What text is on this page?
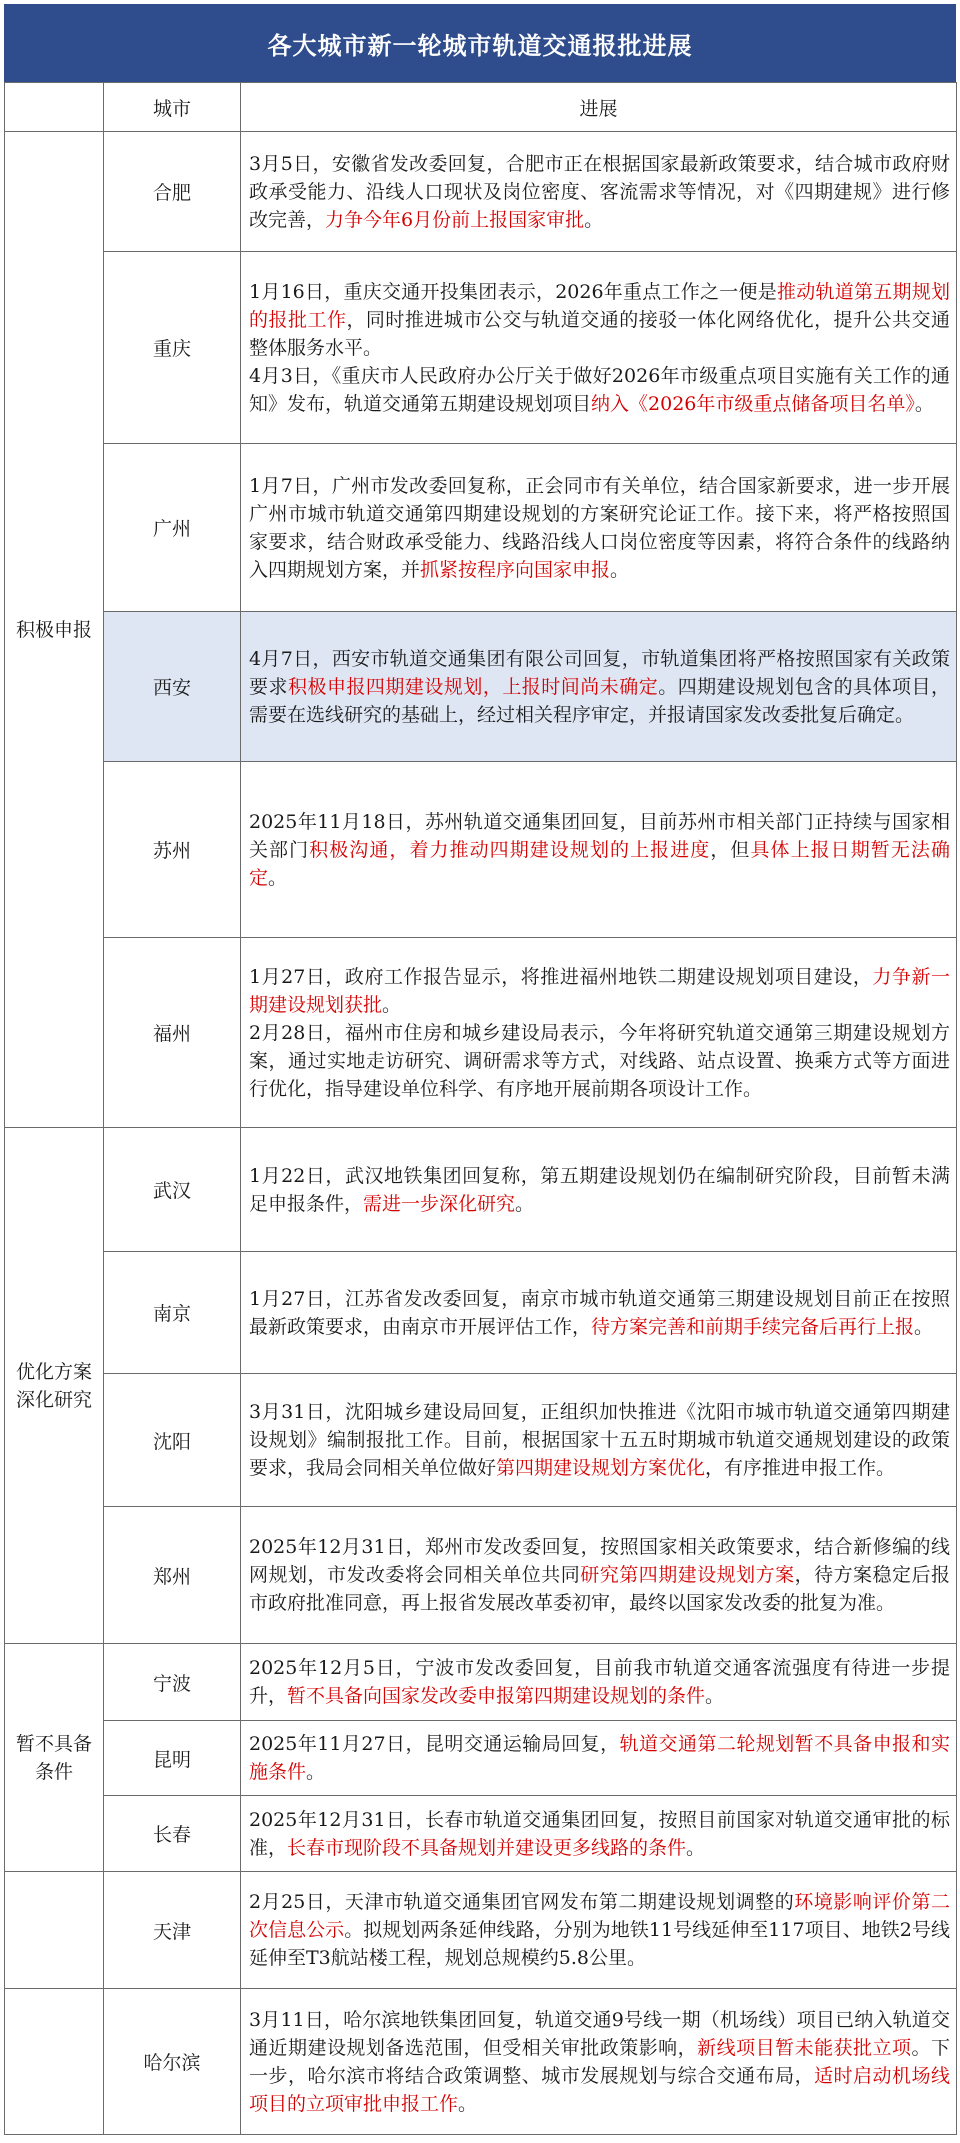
各大城市新一轮城市轨道交通报批进展
	城市	进展
积极申报	合肥	3月5日，安徽省发改委回复，合肥市正在根据国家最新政策要求，结合城市政府财政承受能力、沿线人口现状及岗位密度、客流需求等情况，对《四期建规》进行修改完善，力争今年6月份前上报国家审批。

	重庆	1月16日，重庆交通开投集团表示，2026年重点工作之一便是推动轨道第五期规划的报批工作，同时推进城市公交与轨道交通的接驳一体化网络优化，提升公共交通整体服务水平。
4月3日，《重庆市人民政府办公厅关于做好2026年市级重点项目实施有关工作的通知》发布，轨道交通第五期建设规划项目纳入《2026年市级重点储备项目名单》。

	广州	1月7日，广州市发改委回复称，正会同市有关单位，结合国家新要求，进一步开展广州市城市轨道交通第四期建设规划的方案研究论证工作。接下来，将严格按照国家要求，结合财政承受能力、线路沿线人口岗位密度等因素，将符合条件的线路纳入四期规划方案，并抓紧按程序向国家申报。

	西安	4月7日，西安市轨道交通集团有限公司回复，市轨道集团将严格按照国家有关政策要求积极申报四期建设规划，上报时间尚未确定。四期建设规划包含的具体项目，需要在选线研究的基础上，经过相关程序审定，并报请国家发改委批复后确定。

	苏州	2025年11月18日，苏州轨道交通集团回复，目前苏州市相关部门正持续与国家相关部门积极沟通，着力推动四期建设规划的上报进度，但具体上报日期暂无法确定。

	福州	1月27日，政府工作报告显示，将推进福州地铁二期建设规划项目建设，力争新一期建设规划获批。
2月28日，福州市住房和城乡建设局表示，今年将研究轨道交通第三期建设规划方案，通过实地走访研究、调研需求等方式，对线路、站点设置、换乘方式等方面进行优化，指导建设单位科学、有序地开展前期各项设计工作。

优化方案深化研究	武汉	1月22日，武汉地铁集团回复称，第五期建设规划仍在编制研究阶段，目前暂未满足申报条件，需进一步深化研究。

	南京	1月27日，江苏省发改委回复，南京市城市轨道交通第三期建设规划目前正在按照最新政策要求，由南京市开展评估工作，待方案完善和前期手续完备后再行上报。

	沈阳	3月31日，沈阳城乡建设局回复，正组织加快推进《沈阳市城市轨道交通第四期建设规划》编制报批工作。目前，根据国家十五五时期城市轨道交通规划建设的政策要求，我局会同相关单位做好第四期建设规划方案优化，有序推进申报工作。

	郑州	2025年12月31日，郑州市发改委回复，按照国家相关政策要求，结合新修编的线网规划，市发改委将会同相关单位共同研究第四期建设规划方案，待方案稳定后报市政府批准同意，再上报省发展改革委初审，最终以国家发改委的批复为准。

暂不具备条件	宁波	2025年12月5日，宁波市发改委回复，目前我市轨道交通客流强度有待进一步提升，暂不具备向国家发改委申报第四期建设规划的条件。

	昆明	2025年11月27日，昆明交通运输局回复，轨道交通第二轮规划暂不具备申报和实施条件。

	长春	2025年12月31日，长春市轨道交通集团回复，按照目前国家对轨道交通审批的标准，长春市现阶段不具备规划并建设更多线路的条件。

	天津	2月25日，天津市轨道交通集团官网发布第二期建设规划调整的环境影响评价第二次信息公示。拟规划两条延伸线路，分别为地铁11号线延伸至117项目、地铁2号线延伸至T3航站楼工程，规划总规模约5.8公里。

	哈尔滨	3月11日，哈尔滨地铁集团回复，轨道交通9号线一期（机场线）项目已纳入轨道交通近期建设规划备选范围，但受相关审批政策影响，新线项目暂未能获批立项。下一步，哈尔滨市将结合政策调整、城市发展规划与综合交通布局，适时启动机场线项目的立项审批申报工作。
